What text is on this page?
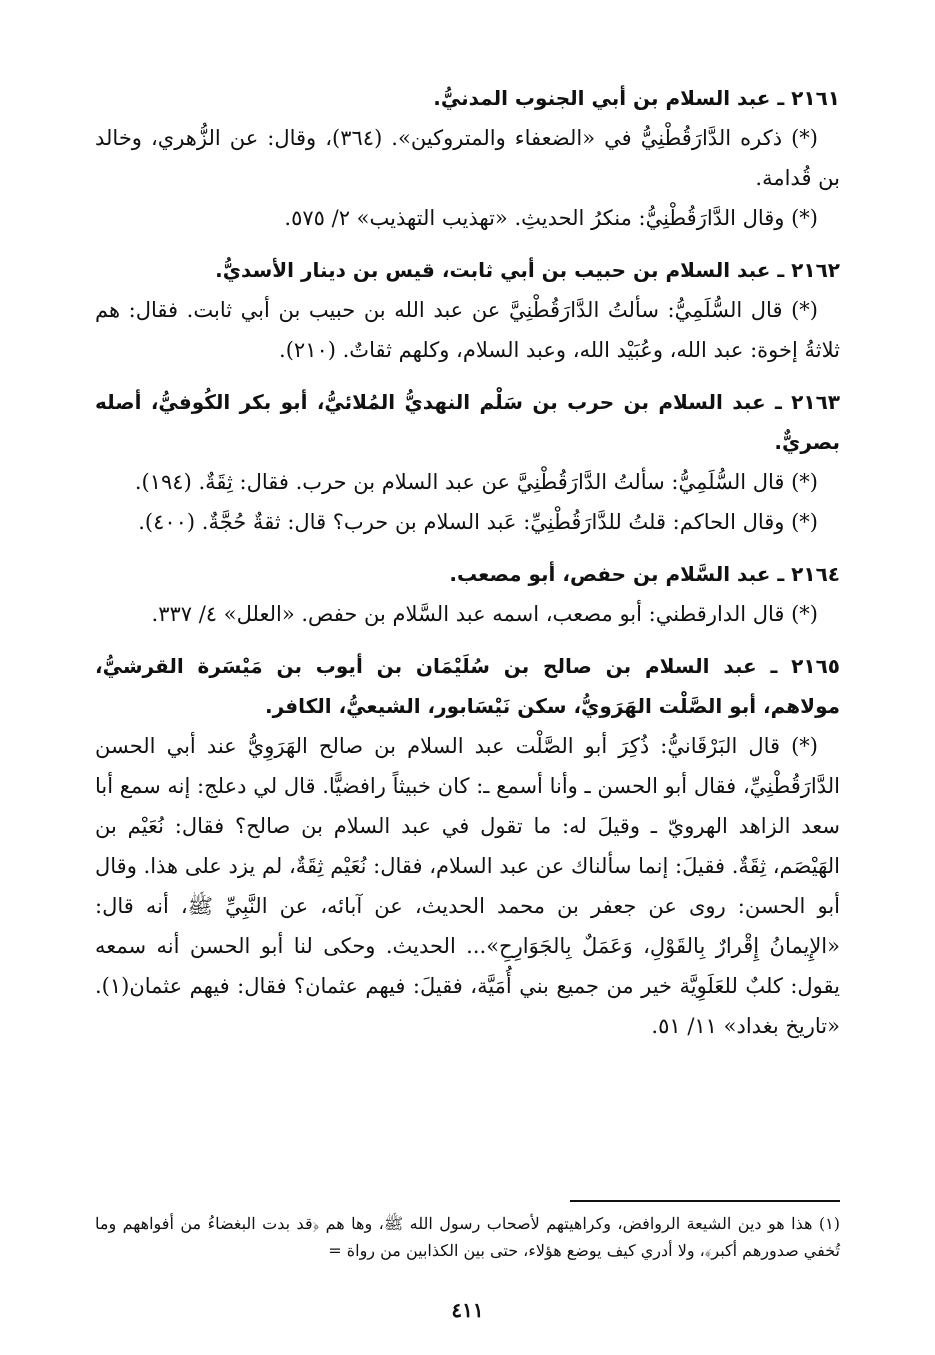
٢١٦١ ـ عبد السلام بن أبي الجنوب المدنيُّ.

(*) ذكره الدَّارَقُطْنِيُّ في «الضعفاء والمتروكين». (٣٦٤)، وقال: عن الزُّهري، وخالد بن قُدامة.

(*) وقال الدَّارَقُطْنِيُّ: منكرُ الحديثِ. «تهذيب التهذيب» ٢/ ٥٧٥.

٢١٦٢ ـ عبد السلام بن حبيب بن أبي ثابت، قيس بن دينار الأسديُّ.

(*) قال السُّلَمِيُّ: سألتُ الدَّارَقُطْنِيَّ عن عبد الله بن حبيب بن أبي ثابت. فقال: هم ثلاثةُ إخوة: عبد الله، وعُبَيْد الله، وعبد السلام، وكلهم ثقاتٌ. (٢١٠).

٢١٦٣ ـ عبد السلام بن حرب بن سَلْم النهديُّ المُلائيُّ، أبو بكر الكُوفيُّ، أصله بصريٌّ.

(*) قال السُّلَمِيُّ: سألتُ الدَّارَقُطْنِيَّ عن عبد السلام بن حرب. فقال: ثِقَةٌ. (١٩٤).

(*) وقال الحاكم: قلتُ للدَّارَقُطْنِيِّ: عَبد السلام بن حرب؟ قال: ثقةٌ حُجَّةٌ. (٤٠٠).

٢١٦٤ ـ عبد السَّلام بن حفص، أبو مصعب.

(*) قال الدارقطني: أبو مصعب، اسمه عبد السَّلام بن حفص. «العلل» ٤/ ٣٣٧.

٢١٦٥ ـ عبد السلام بن صالح بن سُلَيْمَان بن أيوب بن مَيْسَرة القرشيُّ، مولاهم، أبو الصَّلْت الهَرَويُّ، سكن نَيْسَابور، الشيعيُّ، الكافر.

(*) قال البَرْقَانيُّ: ذُكِرَ أبو الصَّلْت عبد السلام بن صالح الهَرَوِيُّ عند أبي الحسن الدَّارَقُطْنِيِّ، فقال أبو الحسن ـ وأنا أسمع ـ: كان خبيثاً رافضيًّا. قال لي دعلج: إنه سمع أبا سعد الزاهد الهرويّ ـ وقيلَ له: ما تقول في عبد السلام بن صالح؟ فقال: نُعَيْم بن الهَيْصَم، ثِقَةٌ. فقيلَ: إنما سألناك عن عبد السلام، فقال: نُعَيْم ثِقَةٌ، لم يزد على هذا. وقال أبو الحسن: روى عن جعفر بن محمد الحديث، عن آبائه، عن النَّبِيِّ ﷺ، أنه قال: «الإِيمانُ إِقْرارٌ بِالقَوْلِ، وَعَمَلٌ بِالجَوَارِحِ»... الحديث. وحكى لنا أبو الحسن أنه سمعه يقول: كلبٌ للعَلَوِيَّة خير من جميع بني أُمَيَّة، فقيلَ: فيهم عثمان؟ فقال: فيهم عثمان(١). «تاريخ بغداد» ١١/ ٥١.

(١) هذا هو دين الشيعة الروافض، وكراهيتهم لأصحاب رسول الله ﷺ، وها هم ﴿قد بدت البغضاءُ من أفواههم وما تُخفي صدورهم أكبر﴾، ولا أدري كيف يوضع هؤلاء، حتى بين الكذابين من رواة =
٤١١
